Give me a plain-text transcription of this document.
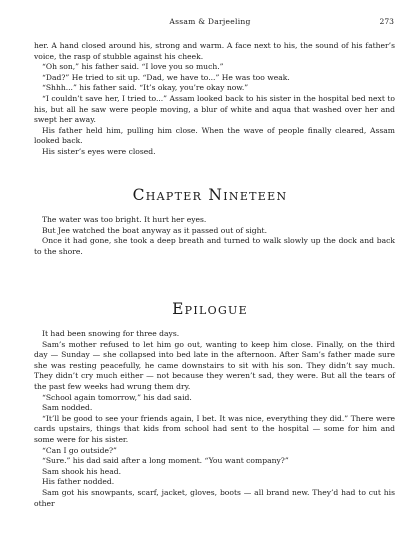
Assam & Darjeeling	273

her. A hand closed around his, strong and warm. A face next to his, the sound of his father’s voice, the rasp of stubble against his cheek.

“Oh son,” his father said. “I love you so much.”

“Dad?” He tried to sit up. “Dad, we have to...” He was too weak.

“Shhh...” his father said. “It’s okay, you’re okay now.”

“I couldn’t save her, I tried to...” Assam looked back to his sister in the hospital bed next to his, but all he saw were people moving, a blur of white and aqua that washed over her and swept her away.

His father held him, pulling him close. When the wave of people finally cleared, Assam looked back.

His sister’s eyes were closed.

Chapter Nineteen

The water was too bright. It hurt her eyes.

But Jee watched the boat anyway as it passed out of sight.

Once it had gone, she took a deep breath and turned to walk slowly up the dock and back to the shore.

Epilogue

It had been snowing for three days.

Sam’s mother refused to let him go out, wanting to keep him close. Finally, on the third day — Sunday — she collapsed into bed late in the afternoon. After Sam’s father made sure she was resting peacefully, he came downstairs to sit with his son. They didn’t say much. They didn’t cry much either — not because they weren’t sad, they were. But all the tears of the past few weeks had wrung them dry.

“School again tomorrow,” his dad said.

Sam nodded.

“It’ll be good to see your friends again, I bet. It was nice, everything they did.” There were cards upstairs, things that kids from school had sent to the hospital — some for him and some were for his sister.

“Can I go outside?”

“Sure.” his dad said after a long moment. “You want company?”

Sam shook his head.

His father nodded.

Sam got his snowpants, scarf, jacket, gloves, boots — all brand new. They’d had to cut his other
